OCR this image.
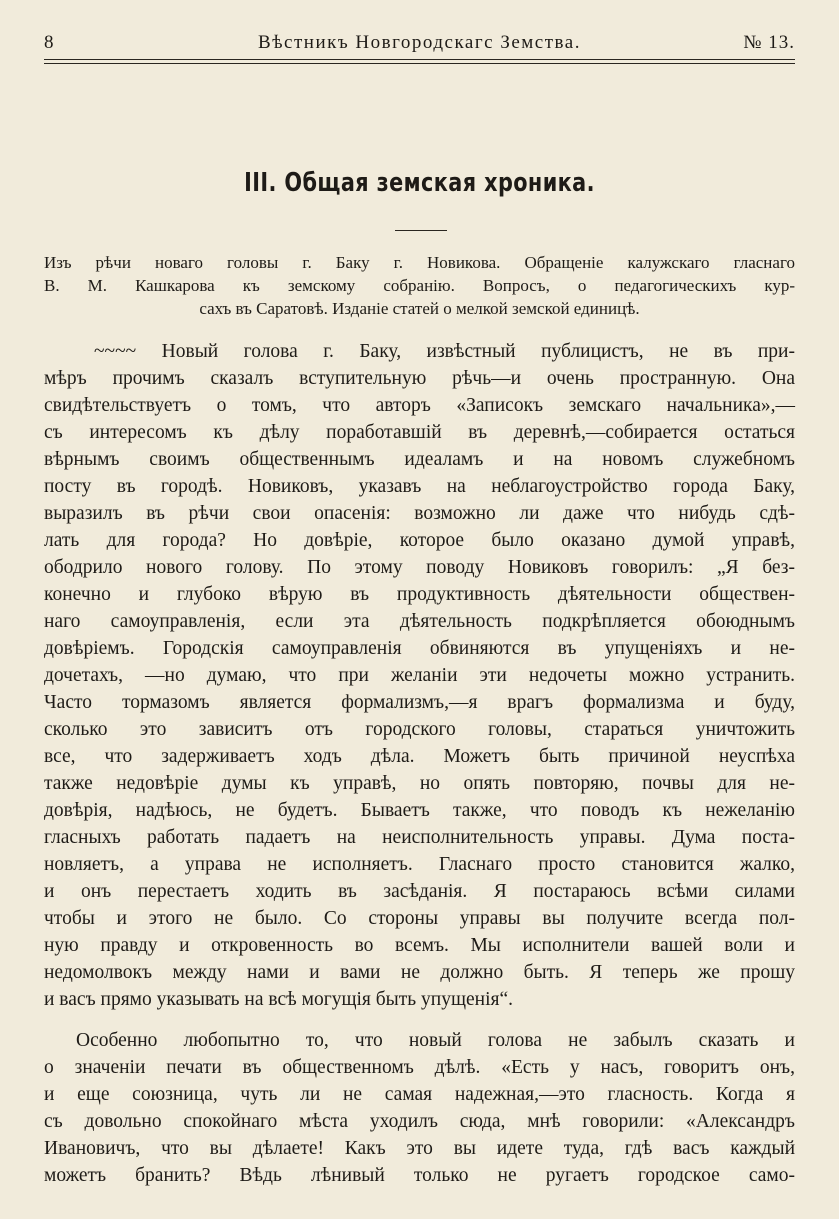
8	Вѣстникъ Новгородскагс Земства.	№ 13.
III. Общая земская хроника.
Изъ рѣчи новаго головы г. Баку г. Новикова. Обращеніе калужскаго гласнаго
В. М. Кашкарова къ земскому собранію. Вопросъ, о педагогическихъ кур-
сахъ въ Саратовѣ. Изданіе статей о мелкой земской единицѣ.
~~~~ Новый голова г. Баку, извѣстный публицистъ, не въ при-
мѣръ прочимъ сказалъ вступительную рѣчь—и очень пространную. Она
свидѣтельствуетъ о томъ, что авторъ «Записокъ земскаго начальника»,—
съ интересомъ къ дѣлу поработавшій въ деревнѣ,—собирается остаться
вѣрнымъ своимъ общественнымъ идеаламъ и на новомъ служебномъ
посту въ городѣ. Новиковъ, указавъ на неблагоустройство города Баку,
выразилъ въ рѣчи свои опасенія: возможно ли даже что нибудь сдѣ-
лать для города? Но довѣріе, которое было оказано думой управѣ,
ободрило нового голову. По этому поводу Новиковъ говорилъ: „Я без-
конечно и глубоко вѣрую въ продуктивность дѣятельности обществен-
наго самоуправленія, если эта дѣятельность подкрѣпляется обоюднымъ
довѣріемъ. Городскія самоуправленія обвиняются въ упущеніяхъ и не-
дочетахъ, —но думаю, что при желаніи эти недочеты можно устранить.
Часто тормазомъ является формализмъ,—я врагъ формализма и буду,
сколько это зависитъ отъ городского головы, стараться уничтожить
все, что задерживаетъ ходъ дѣла. Можетъ быть причиной неуспѣха
также недовѣріе думы къ управѣ, но опять повторяю, почвы для не-
довѣрія, надѣюсь, не будетъ. Бываетъ также, что поводъ къ нежеланію
гласныхъ работать падаетъ на неисполнительность управы. Дума поста-
новляетъ, а управа не исполняетъ. Гласнаго просто становится жалко,
и онъ перестаетъ ходить въ засѣданія. Я постараюсь всѣми силами
чтобы и этого не было. Со стороны управы вы получите всегда пол-
ную правду и откровенность во всемъ. Мы исполнители вашей воли и
недомолвокъ между нами и вами не должно быть. Я теперь же прошу
и васъ прямо указывать на всѣ могущія быть упущенія“.
Особенно любопытно то, что новый голова не забылъ сказать и
о значеніи печати въ общественномъ дѣлѣ. «Есть у насъ, говоритъ онъ,
и еще союзница, чуть ли не самая надежная,—это гласность. Когда я
съ довольно спокойнаго мѣста уходилъ сюда, мнѣ говорили: «Александръ
Ивановичъ, что вы дѣлаете! Какъ это вы идете туда, гдѣ васъ каждый
можетъ бранить? Вѣдь лѣнивый только не ругаетъ городское само-
